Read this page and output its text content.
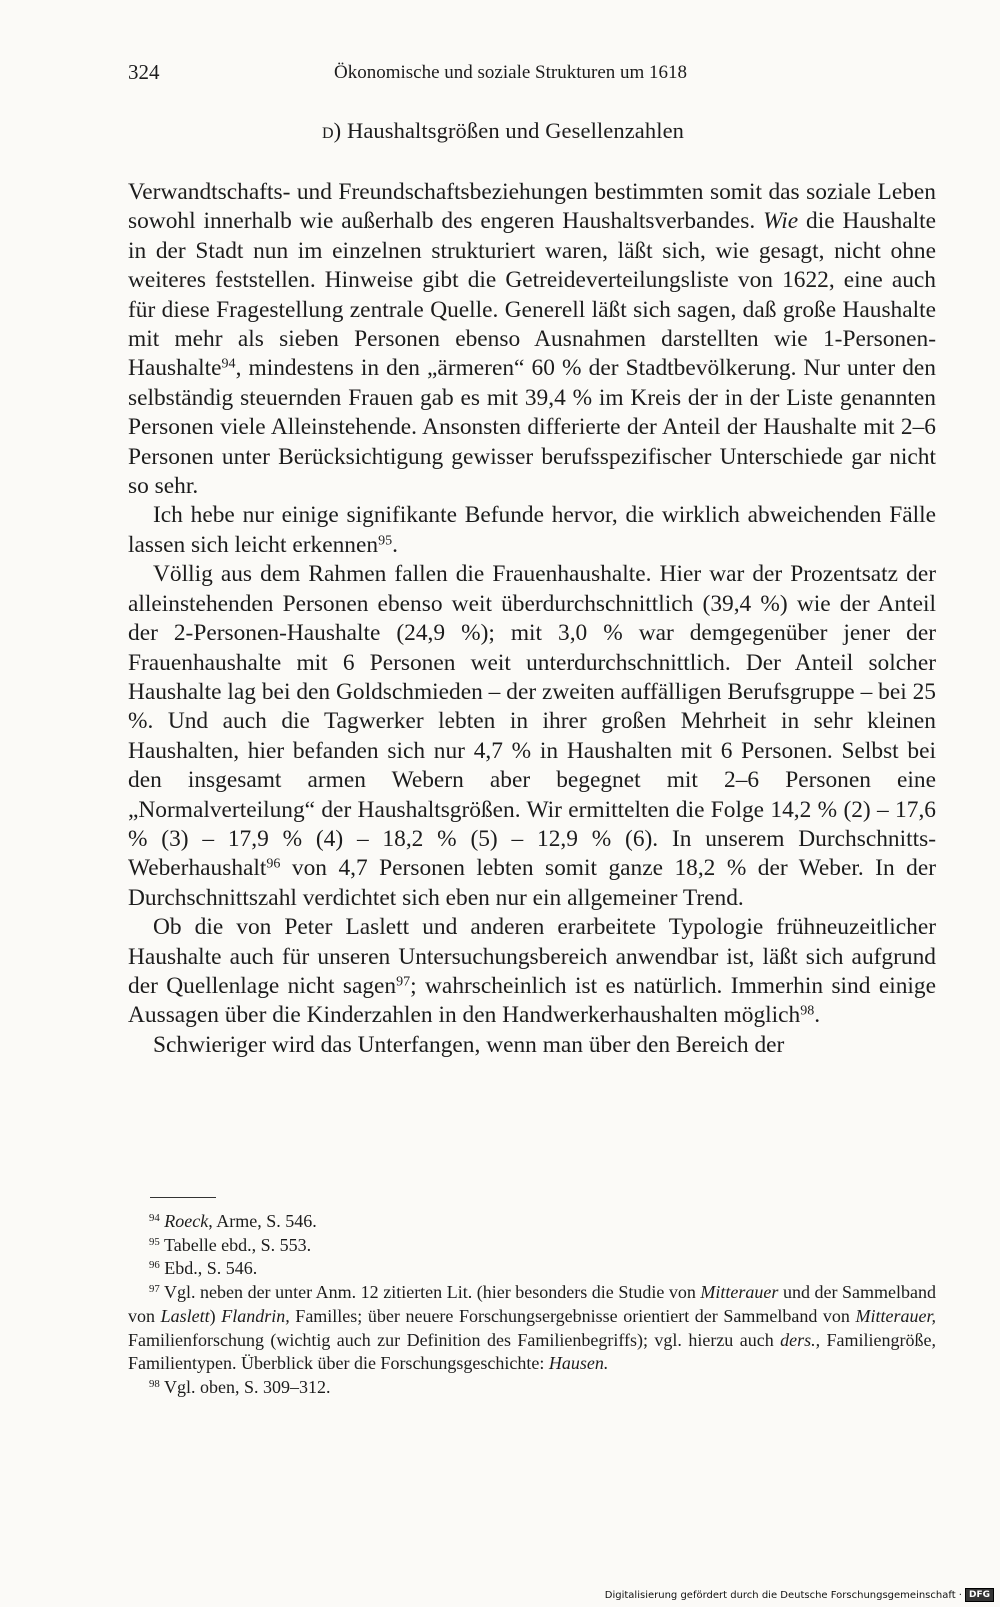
324	Ökonomische und soziale Strukturen um 1618
D) Haushaltsgrößen und Gesellenzahlen

Verwandtschafts- und Freundschaftsbeziehungen bestimmten somit das soziale Leben sowohl innerhalb wie außerhalb des engeren Haushaltsverbandes. Wie die Haushalte in der Stadt nun im einzelnen strukturiert waren, läßt sich, wie gesagt, nicht ohne weiteres feststellen. Hinweise gibt die Getreideverteilungsliste von 1622, eine auch für diese Fragestellung zentrale Quelle. Generell läßt sich sagen, daß große Haushalte mit mehr als sieben Personen ebenso Ausnahmen darstellten wie 1-Personen-Haushalte$^{94}$, mindestens in den „ärmeren“ 60 % der Stadtbevölkerung. Nur unter den selbständig steuernden Frauen gab es mit 39,4 % im Kreis der in der Liste genannten Personen viele Alleinstehende. Ansonsten differierte der Anteil der Haushalte mit 2–6 Personen unter Berücksichtigung gewisser berufsspezifischer Unterschiede gar nicht so sehr.

Ich hebe nur einige signifikante Befunde hervor, die wirklich abweichenden Fälle lassen sich leicht erkennen$^{95}$.

Völlig aus dem Rahmen fallen die Frauenhaushalte. Hier war der Prozentsatz der alleinstehenden Personen ebenso weit überdurchschnittlich (39,4 %) wie der Anteil der 2-Personen-Haushalte (24,9 %); mit 3,0 % war demgegenüber jener der Frauenhaushalte mit 6 Personen weit unterdurchschnittlich. Der Anteil solcher Haushalte lag bei den Goldschmieden – der zweiten auffälligen Berufsgruppe – bei 25 %. Und auch die Tagwerker lebten in ihrer großen Mehrheit in sehr kleinen Haushalten, hier befanden sich nur 4,7 % in Haushalten mit 6 Personen. Selbst bei den insgesamt armen Webern aber begegnet mit 2–6 Personen eine „Normalverteilung“ der Haushaltsgrößen. Wir ermittelten die Folge 14,2 % (2) – 17,6 % (3) – 17,9 % (4) – 18,2 % (5) – 12,9 % (6). In unserem Durchschnitts-Weberhaushalt$^{96}$ von 4,7 Personen lebten somit ganze 18,2 % der Weber. In der Durchschnittszahl verdichtet sich eben nur ein allgemeiner Trend.

Ob die von Peter Laslett und anderen erarbeitete Typologie frühneuzeitlicher Haushalte auch für unseren Untersuchungsbereich anwendbar ist, läßt sich aufgrund der Quellenlage nicht sagen$^{97}$; wahrscheinlich ist es natürlich. Immerhin sind einige Aussagen über die Kinderzahlen in den Handwerkerhaushalten möglich$^{98}$.

Schwieriger wird das Unterfangen, wenn man über den Bereich der

$^{94}$ Roeck, Arme, S. 546.

$^{95}$ Tabelle ebd., S. 553.

$^{96}$ Ebd., S. 546.

$^{97}$ Vgl. neben der unter Anm. 12 zitierten Lit. (hier besonders die Studie von Mitterauer und der Sammelband von Laslett) Flandrin, Familles; über neuere Forschungsergebnisse orientiert der Sammelband von Mitterauer, Familienforschung (wichtig auch zur Definition des Familienbegriffs); vgl. hierzu auch ders., Familiengröße, Familientypen. Überblick über die Forschungsgeschichte: Hausen.

$^{98}$ Vgl. oben, S. 309–312.

Digitalisierung gefördert durch die Deutsche Forschungsgemeinschaft · DFG
